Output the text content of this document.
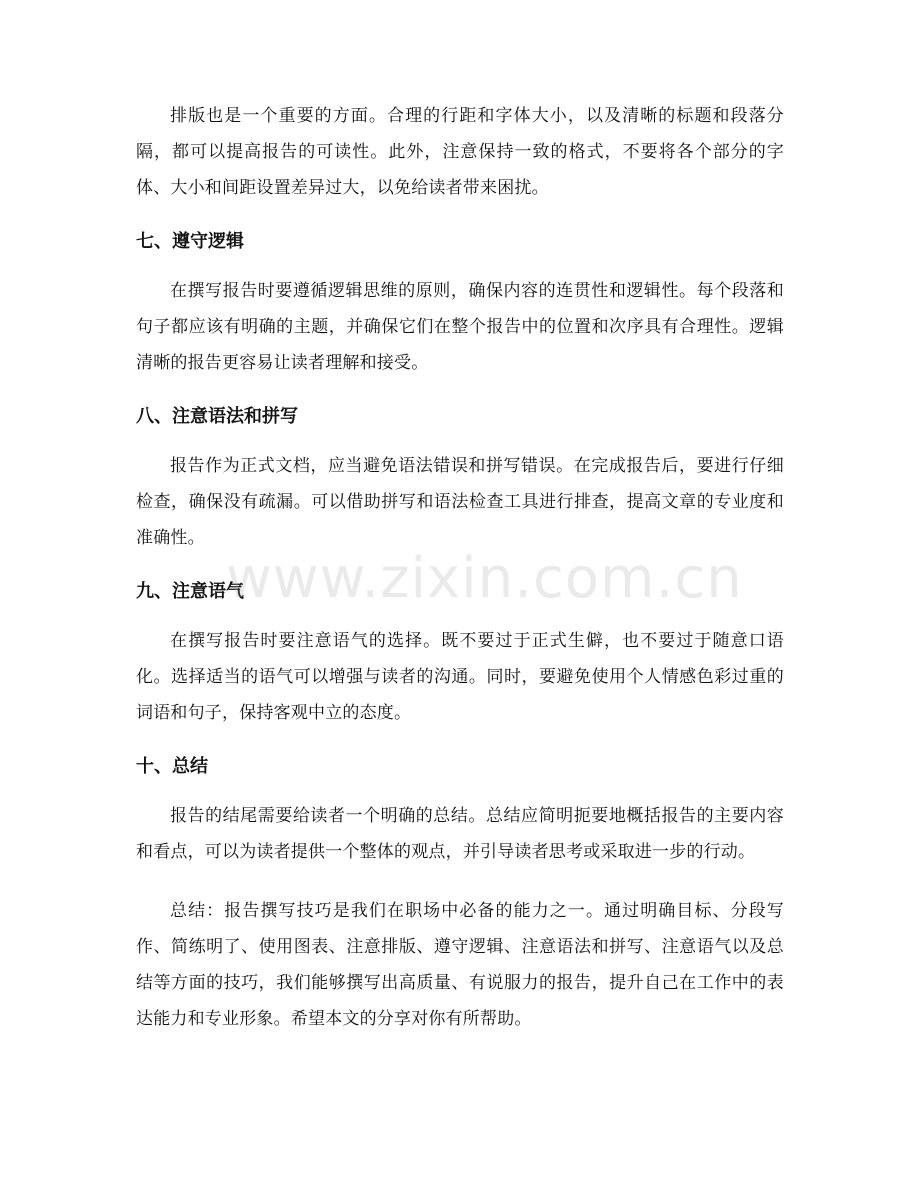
排版也是一个重要的方面。合理的行距和字体大小，以及清晰的标题和段落分隔，都可以提高报告的可读性。此外，注意保持一致的格式，不要将各个部分的字体、大小和间距设置差异过大，以免给读者带来困扰。

七、遵守逻辑

在撰写报告时要遵循逻辑思维的原则，确保内容的连贯性和逻辑性。每个段落和句子都应该有明确的主题，并确保它们在整个报告中的位置和次序具有合理性。逻辑清晰的报告更容易让读者理解和接受。

八、注意语法和拼写

报告作为正式文档，应当避免语法错误和拼写错误。在完成报告后，要进行仔细检查，确保没有疏漏。可以借助拼写和语法检查工具进行排查，提高文章的专业度和准确性。

九、注意语气

在撰写报告时要注意语气的选择。既不要过于正式生僻，也不要过于随意口语化。选择适当的语气可以增强与读者的沟通。同时，要避免使用个人情感色彩过重的词语和句子，保持客观中立的态度。

十、总结

报告的结尾需要给读者一个明确的总结。总结应简明扼要地概括报告的主要内容和看点，可以为读者提供一个整体的观点，并引导读者思考或采取进一步的行动。

总结：报告撰写技巧是我们在职场中必备的能力之一。通过明确目标、分段写作、简练明了、使用图表、注意排版、遵守逻辑、注意语法和拼写、注意语气以及总结等方面的技巧，我们能够撰写出高质量、有说服力的报告，提升自己在工作中的表达能力和专业形象。希望本文的分享对你有所帮助。

www.zixin.com.cn
